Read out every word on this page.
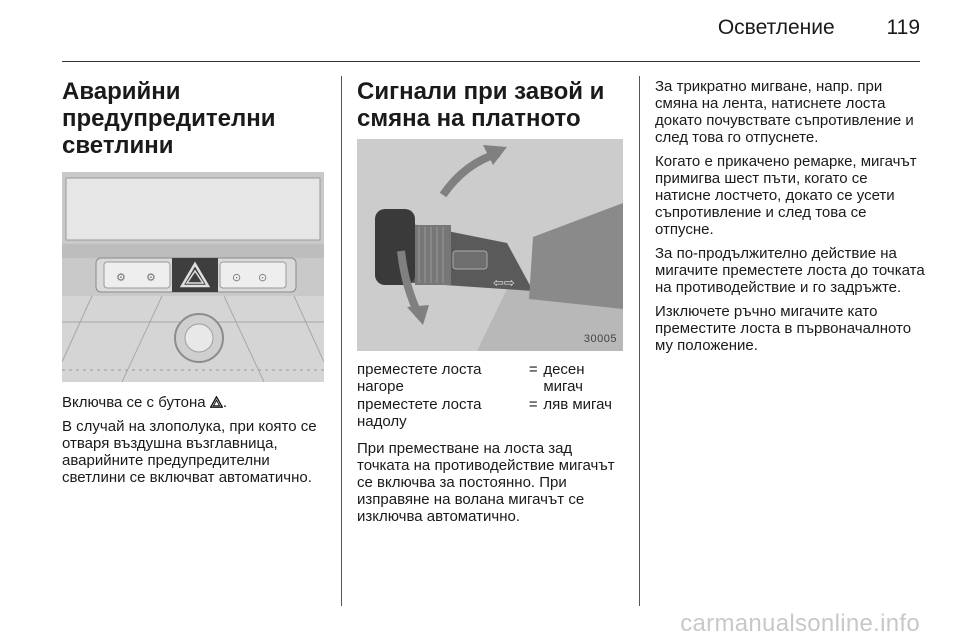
Осветление 119
Аварийни предупредителни светлини
⚙ ⚙	⊙ ⊙

Включва се с бутона .

В случай на злополука, при която се отваря въздушна възглавница, аварийните предупредителни светлини се включват автоматично.

Сигнали при завой и смяна на платното
⇦⇨
30005
преместете лоста нагоре	=	десен мигач
преместете лоста надолу	=	ляв мигач

При преместване на лоста зад точката на противодействие мигачът се включва за постоянно. При изправяне на волана мигачът се изключва автоматично.

За трикратно мигване, напр. при смяна на лента, натиснете лоста докато почувствате съпротивление и след това го отпуснете.

Когато е прикачено ремарке, мигачът примигва шест пъти, когато се натисне лостчето, докато се усети съпротивление и след това се отпусне.

За по-продължително действие на мигачите преместете лоста до точката на противодействие и го задръжте.

Изключете ръчно мигачите като преместите лоста в първоначалното му положение.

carmanualsonline.info
